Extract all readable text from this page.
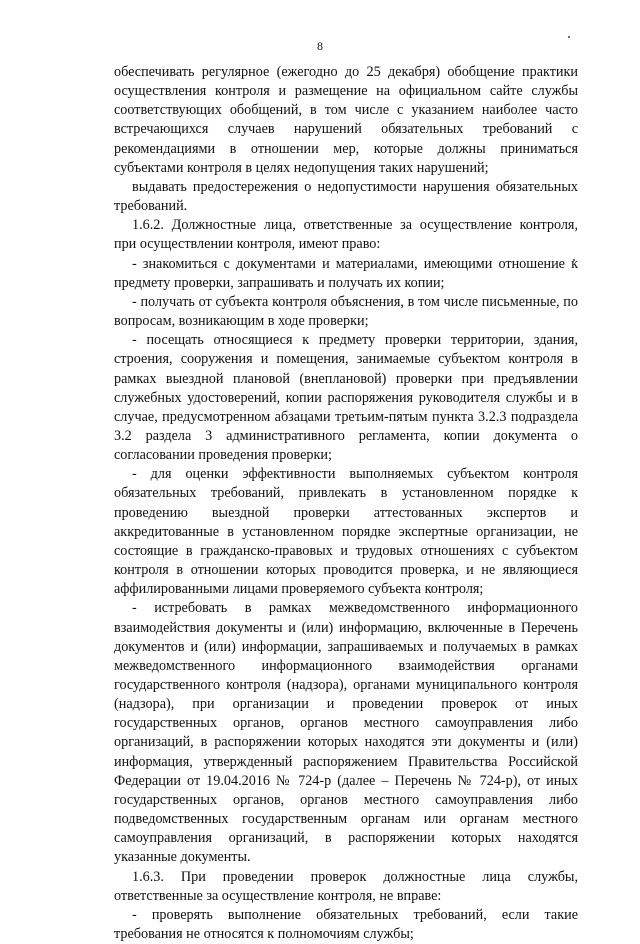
8

обеспечивать регулярное (ежегодно до 25 декабря) обобщение практики осуществления контроля и размещение на официальном сайте службы соответствующих обобщений, в том числе с указанием наиболее часто встречающихся случаев нарушений обязательных требований с рекомендациями в отношении мер, которые должны приниматься субъектами контроля в целях недопущения таких нарушений;

выдавать предостережения о недопустимости нарушения обязательных требований.

1.6.2. Должностные лица, ответственные за осуществление контроля, при осуществлении контроля, имеют право:

- знакомиться с документами и материалами, имеющими отношение к предмету проверки, запрашивать и получать их копии;

- получать от субъекта контроля объяснения, в том числе письменные, по вопросам, возникающим в ходе проверки;

- посещать относящиеся к предмету проверки территории, здания, строения, сооружения и помещения, занимаемые субъектом контроля в рамках выездной плановой (внеплановой) проверки при предъявлении служебных удостоверений, копии распоряжения руководителя службы и в случае, предусмотренном абзацами третьим-пятым пункта 3.2.3 подраздела 3.2 раздела 3 административного регламента, копии документа о согласовании проведения проверки;

- для оценки эффективности выполняемых субъектом контроля обязательных требований, привлекать в установленном порядке к проведению выездной проверки аттестованных экспертов и аккредитованные в установленном порядке экспертные организации, не состоящие в гражданско-правовых и трудовых отношениях с субъектом контроля в отношении которых проводится проверка, и не являющиеся аффилированными лицами проверяемого субъекта контроля;

- истребовать в рамках межведомственного информационного взаимодействия документы и (или) информацию, включенные в Перечень документов и (или) информации, запрашиваемых и получаемых в рамках межведомственного информационного взаимодействия органами государственного контроля (надзора), органами муниципального контроля (надзора), при организации и проведении проверок от иных государственных органов, органов местного самоуправления либо организаций, в распоряжении которых находятся эти документы и (или) информация, утвержденный распоряжением Правительства Российской Федерации от 19.04.2016 № 724-р (далее – Перечень № 724-р), от иных государственных органов, органов местного самоуправления либо подведомственных государственным органам или органам местного самоуправления организаций, в распоряжении которых находятся указанные документы.

1.6.3. При проведении проверок должностные лица службы, ответственные за осуществление контроля, не вправе:

- проверять выполнение обязательных требований, если такие требования не относятся к полномочиям службы;
